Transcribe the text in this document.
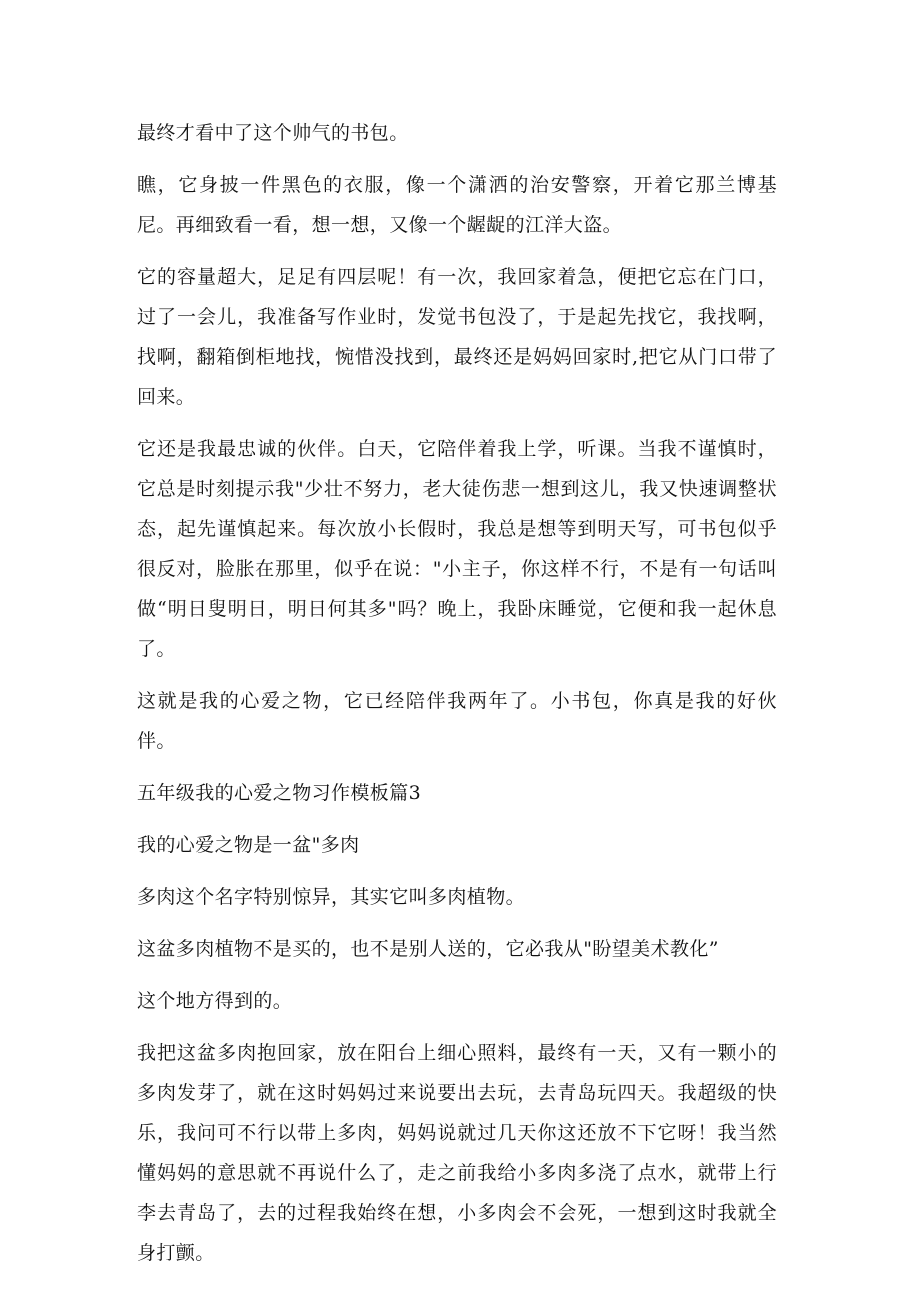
最终才看中了这个帅气的书包。

瞧，它身披一件黑色的衣服，像一个潇洒的治安警察，开着它那兰博基尼。再细致看一看，想一想，又像一个龌龊的江洋大盗。

它的容量超大，足足有四层呢！有一次，我回家着急，便把它忘在门口，过了一会儿，我准备写作业时，发觉书包没了，于是起先找它，我找啊，找啊，翻箱倒柜地找，惋惜没找到，最终还是妈妈回家时,把它从门口带了回来。

它还是我最忠诚的伙伴。白天，它陪伴着我上学，听课。当我不谨慎时，它总是时刻提示我"少壮不努力，老大徒伤悲一想到这儿，我又快速调整状态，起先谨慎起来。每次放小长假时，我总是想等到明天写，可书包似乎很反对，脸胀在那里，似乎在说："小主子，你这样不行，不是有一句话叫做“明日叟明日，明日何其多"吗？晚上，我卧床睡觉，它便和我一起休息了。

这就是我的心爱之物，它已经陪伴我两年了。小书包，你真是我的好伙伴。

五年级我的心爱之物习作模板篇3

我的心爱之物是一盆"多肉

多肉这个名字特别惊异，其实它叫多肉植物。

这盆多肉植物不是买的，也不是别人送的，它必我从"盼望美术教化”

这个地方得到的。

我把这盆多肉抱回家，放在阳台上细心照料，最终有一天，又有一颗小的多肉发芽了，就在这时妈妈过来说要出去玩，去青岛玩四天。我超级的快乐，我问可不行以带上多肉，妈妈说就过几天你这还放不下它呀！我当然懂妈妈的意思就不再说什么了，走之前我给小多肉多浇了点水，就带上行李去青岛了，去的过程我始终在想，小多肉会不会死，一想到这时我就全身打颤。
